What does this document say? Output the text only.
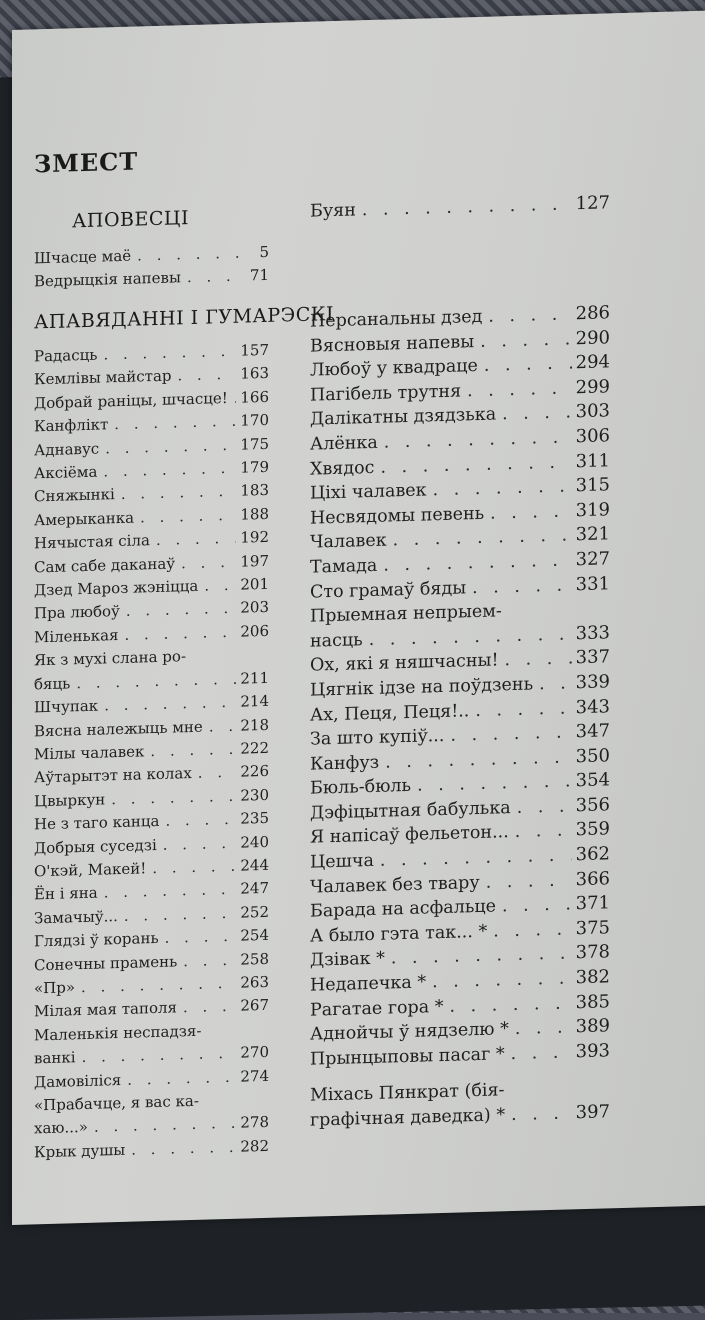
ЗМЕСТ
АПОВЕСЦІ
Шчасце маё . . .	5
Ведрыцкія напевы . . .	71
АПАВЯДАННІ І ГУМАРЭСКІ
Радасць . . .	157
Кемлівы майстар . . .	163
Добрай раніцы, шчасце! . . . 166
Канфлікт . . .	170
Аднавус . . .	175
Аксіёма . . .	179
Сняжынкі . . .	183
Амерыканка . . .	188
Нячыстая сіла . . .	192
Сам сабе даканаў . . .	197
Дзед Мароз жэніцца . . .	201
Пра любоў . . .	203
Міленькая . . .	206
Як з мухі слана ро-
бяць . . .	211
Шчупак . . .	214
Вясна належыць мне . . .	218
Мілы чалавек . . .	222
Аўтарытэт на колах . . .	226
Цвыркун . . .	230
Не з таго канца . . .	235
Добрыя суседзі . . .	240
О'кэй, Макей! . . .	244
Ён і яна . . .	247
Замачыў... . . .	252
Глядзі ў корань . . .	254
Сонечны прамень . . .	258
«Пр» . . .	263
Мілая мая таполя . . .	267
Маленькія неспадзя-
ванкі . . .	270
Дамовіліся . . .	274
«Прабачце, я вас ка-
хаю...» . . .	278
Крык душы . . .	282
Буян . . .	127
Персанальны дзед . . .	286
Вясновыя напевы . . .	290
Любоў у квадраце . . .	294
Пагібель трутня . . .	299
Далікатны дзядзька . . .	303
Алёнка . . .	306
Хвядос . . .	311
Ціхі чалавек . . .	315
Несвядомы певень . . .	319
Чалавек . . .	321
Тамада . . .	327
Сто грамаў бяды . . .	331
Прыемная непрыем-
насць . . .	333
Ох, які я няшчасны! . . .	337
Цягнік ідзе на поўдзень . . . 339
Ах, Пеця, Пеця!.. . . .	343
За што купіў... . . .	347
Канфуз . . .	350
Бюль-бюль . . .	354
Дэфіцытная бабулька . . .	356
Я напісаў фельетон... . . .	359
Цешча . . .	362
Чалавек без твару . . .	366
Барада на асфальце . . .	371
А было гэта так... * . . .	375
Дзівак * . . .	378
Недапечка * . . .	382
Рагатае гора * . . .	385
Аднойчы ў нядзелю * . . .	389
Прынцыповы пасаг * . . .	393
Міхась Пянкрат (бія-
графічная даведка) * . . .	397
